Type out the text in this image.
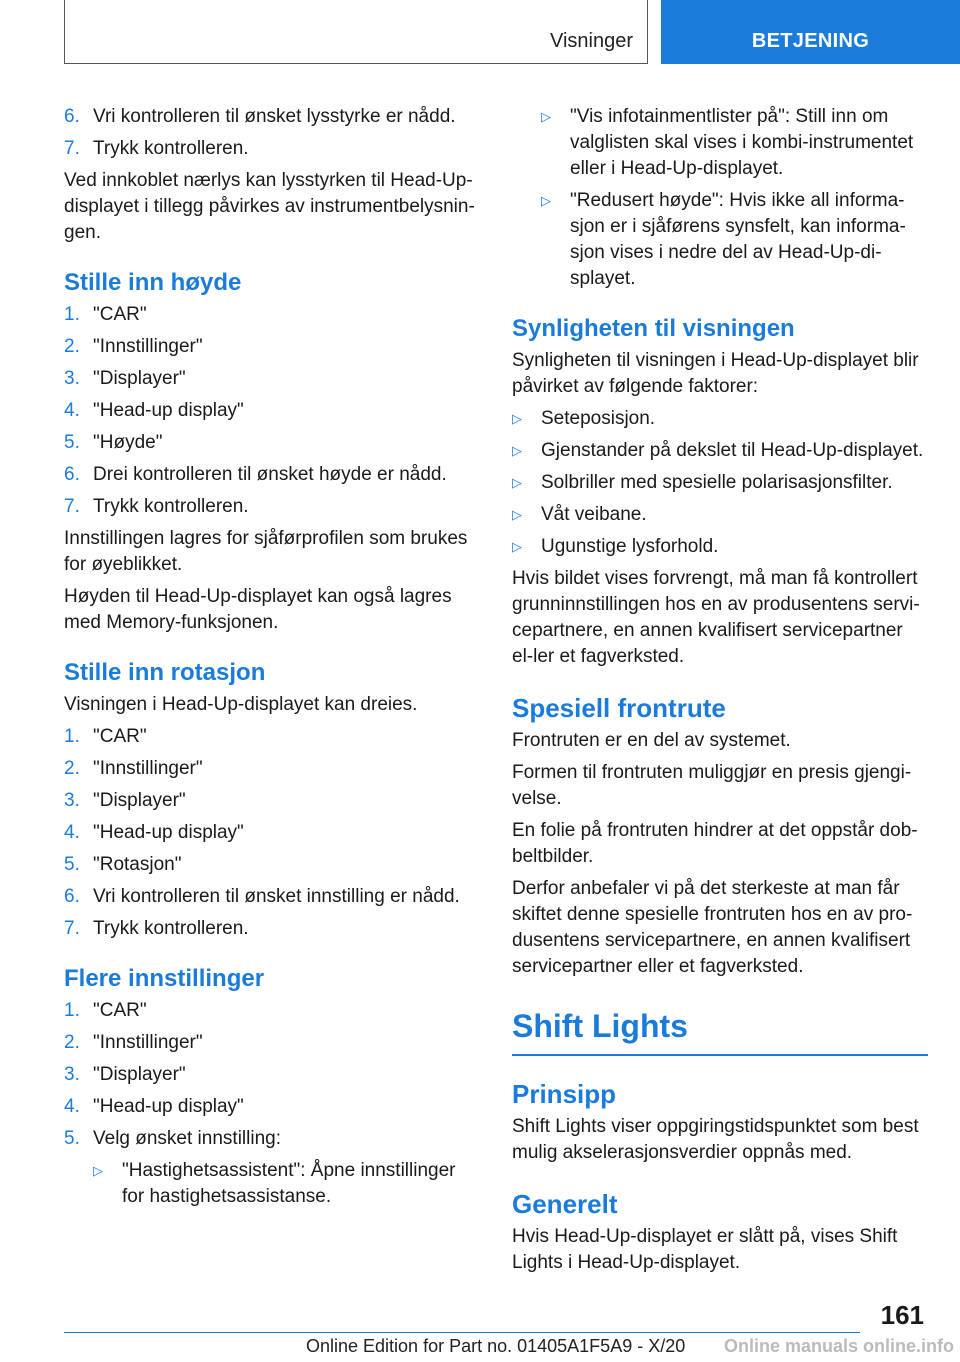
Visninger	BETJENING
6. Vri kontrolleren til ønsket lysstyrke er nådd.
7. Trykk kontrolleren.

Ved innkoblet nærlys kan lysstyrken til Head-Up-displayet i tillegg påvirkes av instrumentbelysnin-gen.

Stille inn høyde
1. "CAR"
2. "Innstillinger"
3. "Displayer"
4. "Head-up display"
5. "Høyde"
6. Drei kontrolleren til ønsket høyde er nådd.
7. Trykk kontrolleren.

Innstillingen lagres for sjåførprofilen som brukes for øyeblikket.

Høyden til Head-Up-displayet kan også lagres med Memory-funksjonen.

Stille inn rotasjon

Visningen i Head-Up-displayet kan dreies.

1. "CAR"
2. "Innstillinger"
3. "Displayer"
4. "Head-up display"
5. "Rotasjon"
6. Vri kontrolleren til ønsket innstilling er nådd.
7. Trykk kontrolleren.
Flere innstillinger
1. "CAR"
2. "Innstillinger"
3. "Displayer"
4. "Head-up display"
5. Velg ønsket innstilling:
▷	"Hastighetsassistent": Åpne innstillinger for hastighetsassistanse.
▷	"Vis infotainmentlister på": Still inn om valglisten skal vises i kombi-instrumentet eller i Head-Up-displayet.
▷	"Redusert høyde": Hvis ikke all informa-sjon er i sjåførens synsfelt, kan informa-sjon vises i nedre del av Head-Up-di-splayet.
Synligheten til visningen

Synligheten til visningen i Head-Up-displayet blir påvirket av følgende faktorer:

▷	Seteposisjon.
▷	Gjenstander på dekslet til Head-Up-displayet.
▷	Solbriller med spesielle polarisasjonsfilter.
▷	Våt veibane.
▷	Ugunstige lysforhold.

Hvis bildet vises forvrengt, må man få kontrollert grunninnstillingen hos en av produsentens servi-cepartnere, en annen kvalifisert servicepartner el-ler et fagverksted.

Spesiell frontrute

Frontruten er en del av systemet.

Formen til frontruten muliggjør en presis gjengi-velse.

En folie på frontruten hindrer at det oppstår dob-beltbilder.

Derfor anbefaler vi på det sterkeste at man får skiftet denne spesielle frontruten hos en av pro-dusentens servicepartnere, en annen kvalifisert servicepartner eller et fagverksted.

Shift Lights
Prinsipp

Shift Lights viser oppgiringstidspunktet som best mulig akselerasjonsverdier oppnås med.

Generelt

Hvis Head-Up-displayet er slått på, vises Shift Lights i Head-Up-displayet.

161
Online Edition for Part no. 01405A1F5A9 - X/20 Online manuals online.info
